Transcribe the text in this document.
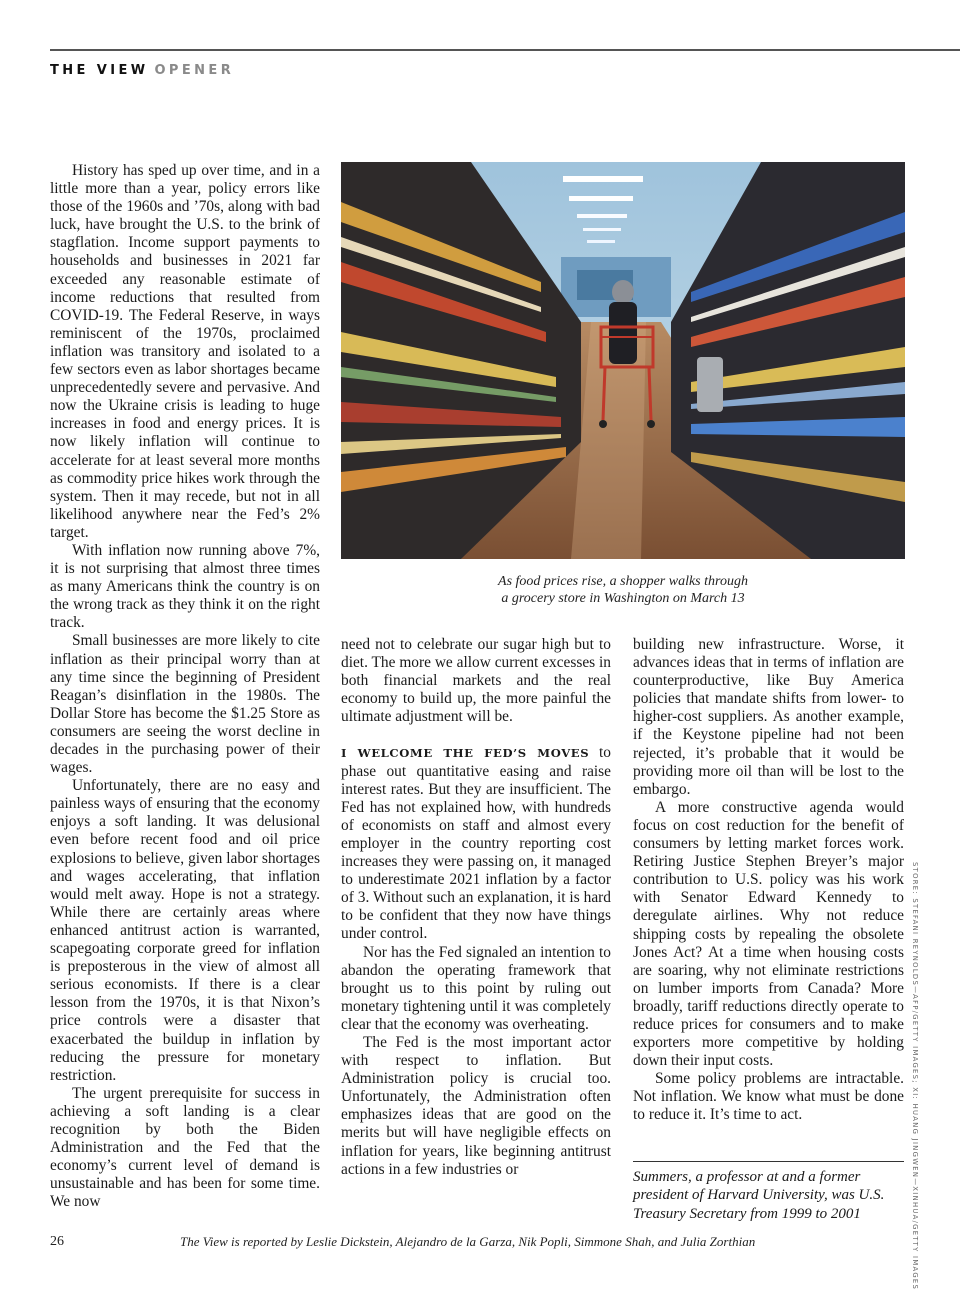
THE VIEW OPENER

History has sped up over time, and in a little more than a year, policy errors like those of the 1960s and ’70s, along with bad luck, have brought the U.S. to the brink of stagflation. Income support payments to households and businesses in 2021 far exceeded any reasonable estimate of income reductions that resulted from COVID-19. The Federal Reserve, in ways reminiscent of the 1970s, proclaimed inflation was transitory and isolated to a few sectors even as labor shortages became unprecedentedly severe and pervasive. And now the Ukraine crisis is leading to huge increases in food and energy prices. It is now likely inflation will continue to accelerate for at least several more months as commodity price hikes work through the system. Then it may recede, but not in all likelihood anywhere near the Fed’s 2% target.

With inflation now running above 7%, it is not surprising that almost three times as many Americans think the country is on the wrong track as they think it on the right track.

Small businesses are more likely to cite inflation as their principal worry than at any time since the beginning of President Reagan’s disinflation in the 1980s. The Dollar Store has become the $1.25 Store as consumers are seeing the worst decline in decades in the purchasing power of their wages.

Unfortunately, there are no easy and painless ways of ensuring that the economy enjoys a soft landing. It was delusional even before recent food and oil price explosions to believe, given labor shortages and wages accelerating, that inflation would melt away. Hope is not a strategy. While there are certainly areas where enhanced antitrust action is warranted, scapegoating corporate greed for inflation is preposterous in the view of almost all serious economists. If there is a clear lesson from the 1970s, it is that Nixon’s price controls were a disaster that exacerbated the buildup in inflation by reducing the pressure for monetary restriction.

The urgent prerequisite for success in achieving a soft landing is a clear recognition by both the Biden Administration and the Fed that the economy’s current level of demand is unsustainable and has been for some time. We now

As food prices rise, a shopper walks through
a grocery store in Washington on March 13

need not to celebrate our sugar high but to diet. The more we allow current excesses in both financial markets and the real economy to build up, the more painful the ultimate adjustment will be.

I WELCOME THE FED’S MOVES to phase out quantitative easing and raise interest rates. But they are insufficient. The Fed has not explained how, with hundreds of economists on staff and almost every employer in the country reporting cost increases they were passing on, it managed to underestimate 2021 inflation by a factor of 3. Without such an explanation, it is hard to be confident that they now have things under control.

Nor has the Fed signaled an intention to abandon the operating framework that brought us to this point by ruling out monetary tightening until it was completely clear that the economy was overheating.

The Fed is the most important actor with respect to inflation. But Administration policy is crucial too. Unfortunately, the Administration often emphasizes ideas that are good on the merits but will have negligible effects on inflation for years, like beginning antitrust actions in a few industries or

building new infrastructure. Worse, it advances ideas that in terms of inflation are counterproductive, like Buy America policies that mandate shifts from lower- to higher-cost suppliers. As another example, if the Keystone pipeline had not been rejected, it’s probable that it would be providing more oil than will be lost to the embargo.

A more constructive agenda would focus on cost reduction for the benefit of consumers by letting market forces work. Retiring Justice Stephen Breyer’s major contribution to U.S. policy was his work with Senator Edward Kennedy to deregulate airlines. Why not reduce shipping costs by repealing the obsolete Jones Act? At a time when housing costs are soaring, why not eliminate restrictions on lumber imports from Canada? More broadly, tariff reductions directly operate to reduce prices for consumers and to make exporters more competitive by holding down their input costs.

Some policy problems are intractable. Not inflation. We know what must be done to reduce it. It’s time to act.

Summers, a professor at and a former president of Harvard University, was U.S. Treasury Secretary from 1999 to 2001	STORE: STEFANI REYNOLDS—AFP/GETTY IMAGES; XI: HUANG JINGWEN—XINHUA/GETTY IMAGES
26	The View is reported by Leslie Dickstein, Alejandro de la Garza, Nik Popli, Simmone Shah, and Julia Zorthian
